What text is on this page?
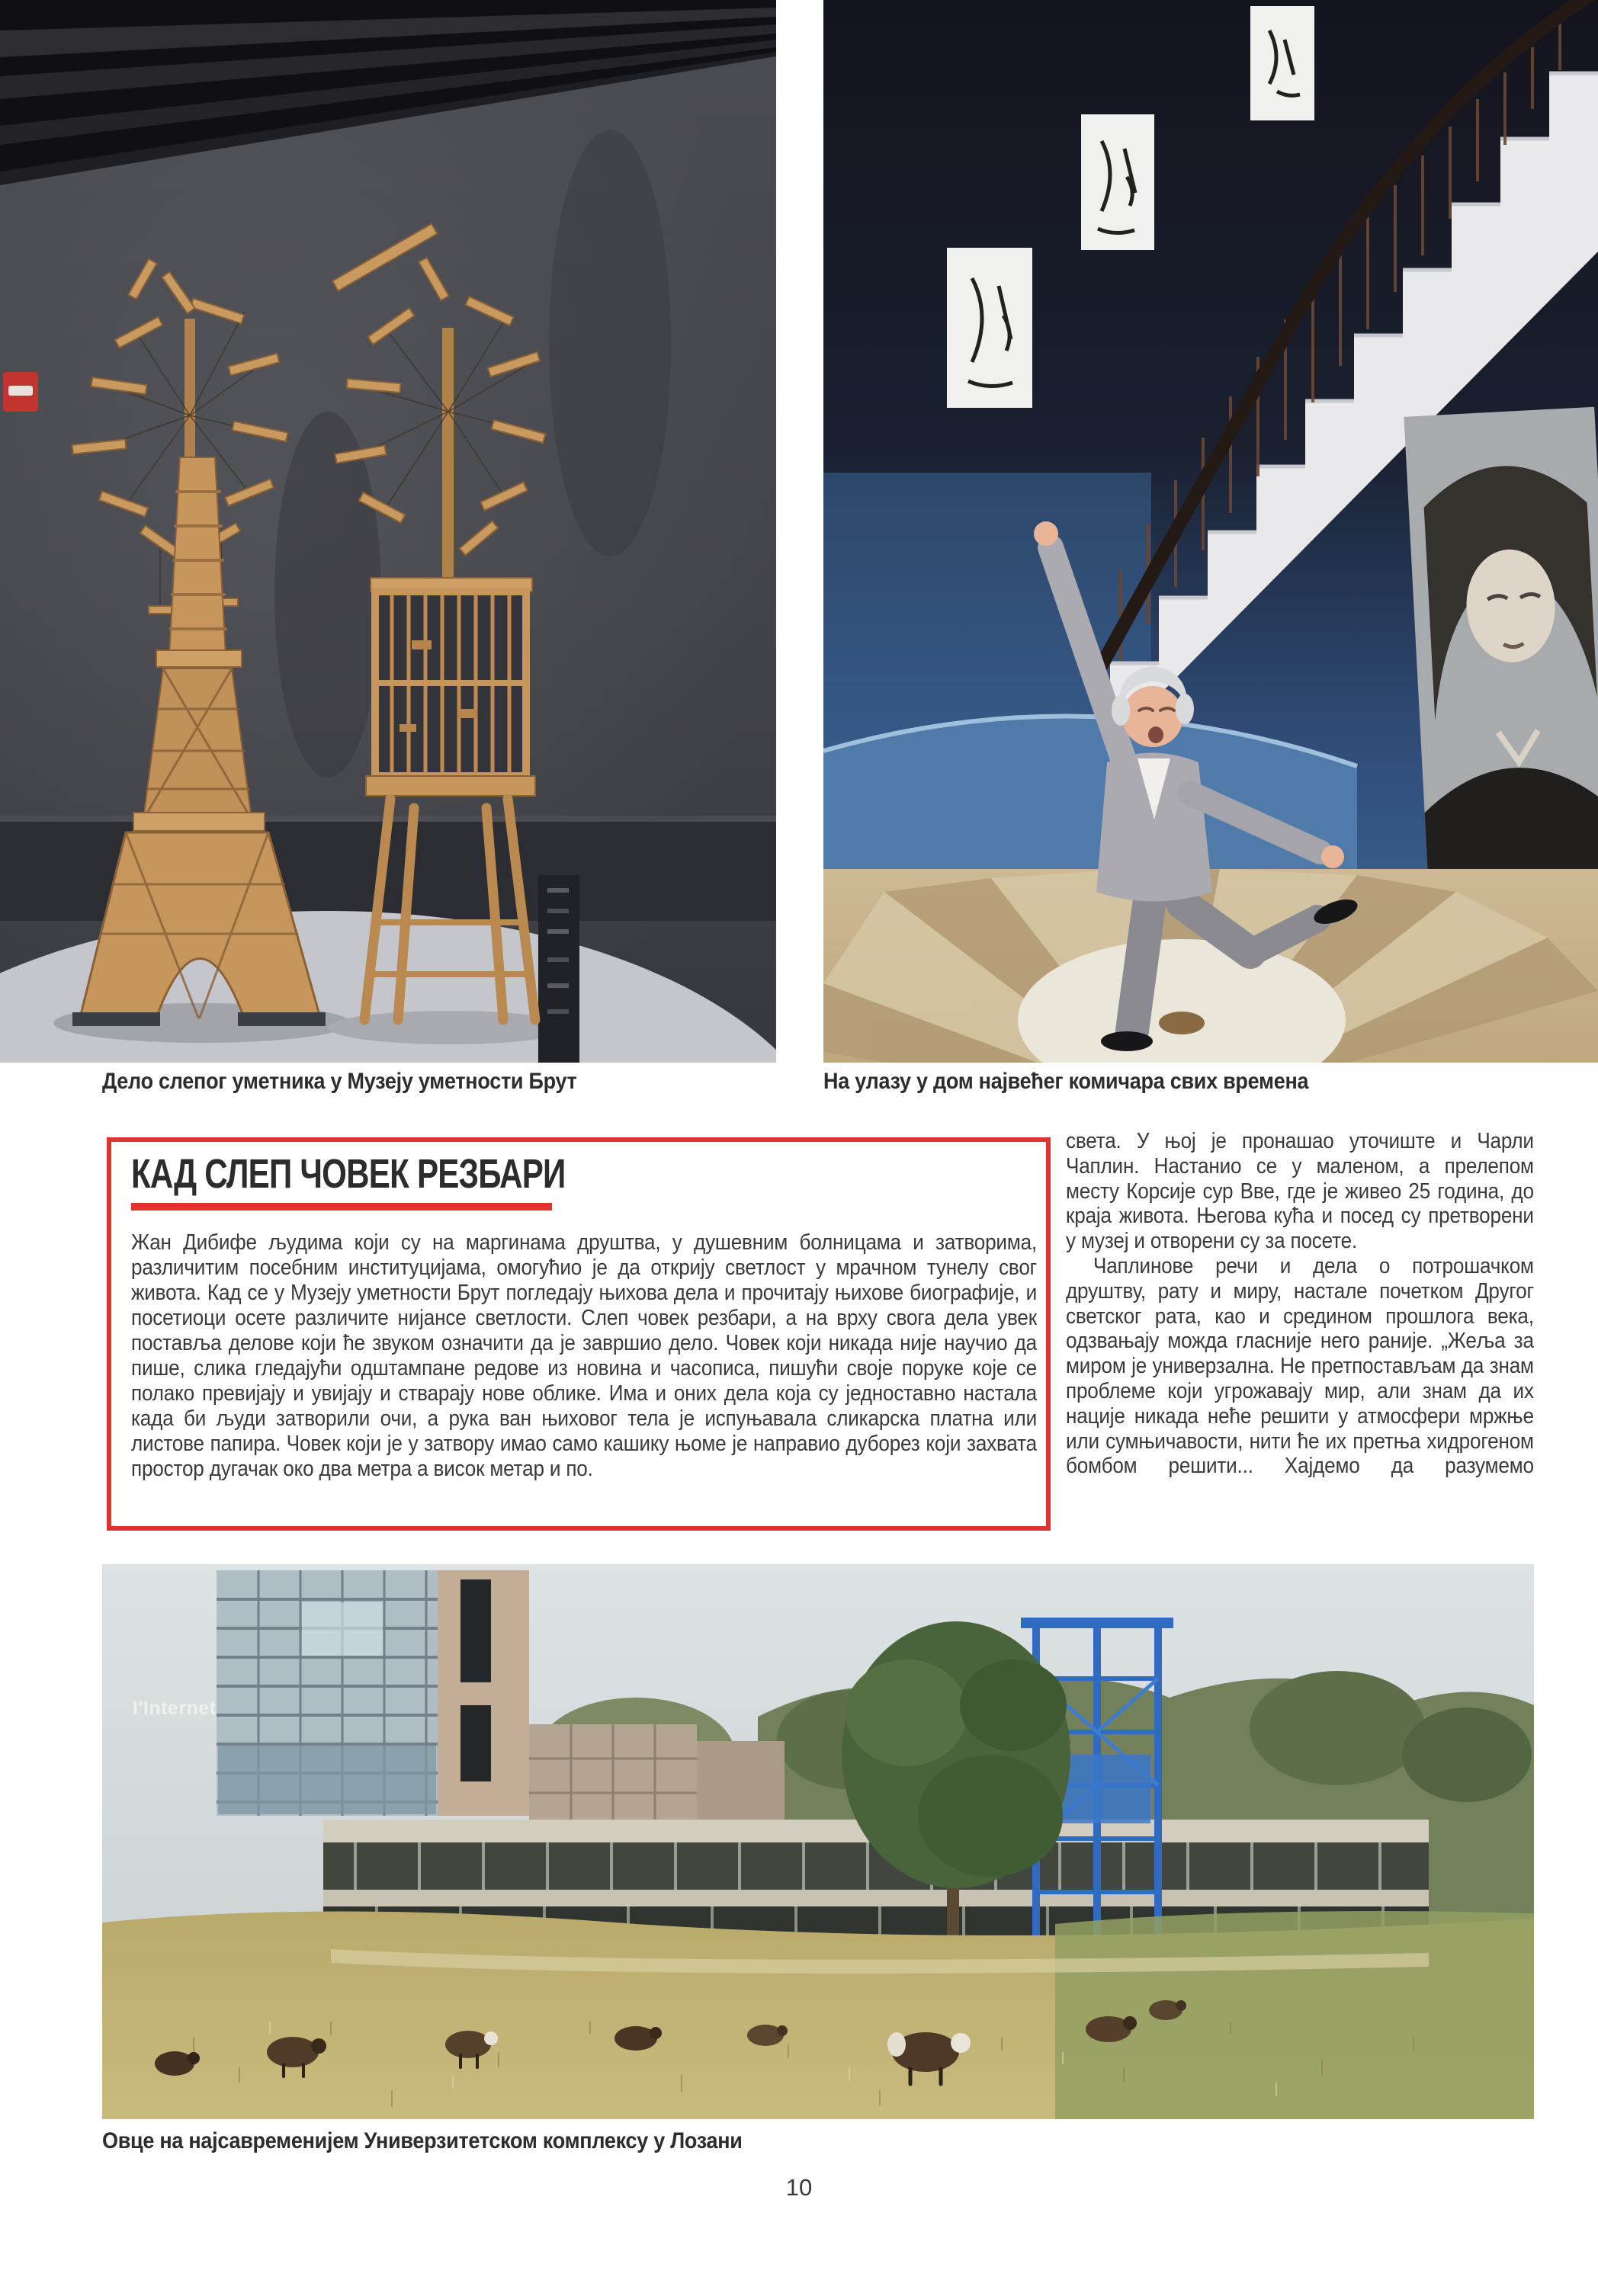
Дело слепог уметника у Музеју уметности Брут	На улазу у дом највећег комичара свих времена
КАД СЛЕП ЧОВЕК РЕЗБАРИ
Жан Дибифе људима који су на маргинама друштва, у душевним болницама и затворима, различитим посебним институцијама, омогућио је да открију светлост у мрачном тунелу свог живота. Кад се у Музеју уметности Брут погледају њихова дела и прочитају њихове биографије, и посетиоци осете различите нијансе светлости. Слеп човек резбари, а на врху свога дела увек поставља делове који ће звуком означити да је завршио дело. Човек који никада није научио да пише, слика гледајући одштампане редове из новина и часописа, пишући своје поруке које се полако превијају и увијају и стварају нове облике. Има и оних дела која су једноставно настала када би људи затворили очи, а рука ван њиховог тела је испуњавала сликарска платна или листове папира. Човек који је у затвору имао само кашику њоме је направио дуборез који захвата простор дугачак око два метра а висок метар и по.

света. У њој је пронашао уточиште и Чарли Чаплин. Настанио се у маленом, а прелепом месту Корсије сур Вве, где је живео 25 година, до краја живота. Његова кућа и посед су претворени у музеј и отворени су за посете.

Чаплинове речи и дела о потрошачком друштву, рату и миру, настале почетком Другог светског рата, као и средином прошлога века, одзвањају можда гласније него раније. „Жеља за миром је универзална. Не претпостављам да знам проблеме који угрожавају мир, али знам да их нације никада неће решити у атмосфери мржње или сумњичавости, нити ће их претња хидрогеном бомбом решити... Хајдемо да разумемо

l'Internet
Овце на најсавременијем Универзитетском комплексу у Лозани
10
